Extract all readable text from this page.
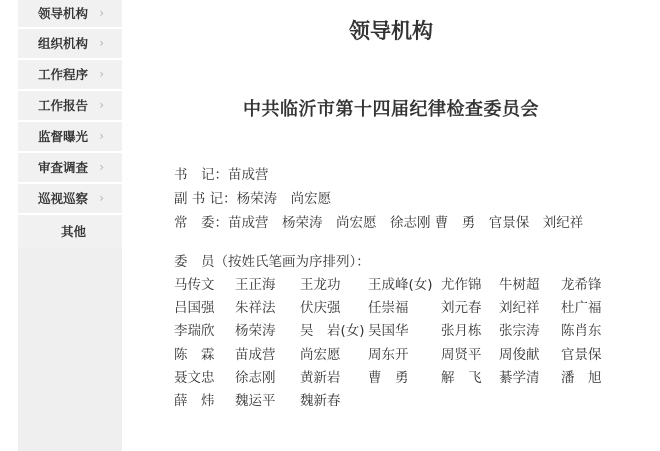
领导机构 ›
组织机构 ›
工作程序 ›
工作报告 ›
监督曝光 ›
审查调查 ›
巡视巡察 ›
其他
领导机构
中共临沂市第十四届纪律检查委员会

书　记：苗成营

副 书 记：杨荣涛　尚宏愿

常　委：苗成营　杨荣涛　尚宏愿　徐志刚 曹　勇　官景保　刘纪祥

委　员（按姓氏笔画为序排列）：

马传文 王正海 王龙功 王成峰(女) 尤作锦 牛树超 龙希锋
吕国强 朱祥法 伏庆强 任崇福 刘元春 刘纪祥 杜广福
李瑞欣 杨荣涛 吴　岩(女) 吴国华 张月栋 张宗涛 陈肖东
陈　霖 苗成营 尚宏愿 周东开 周贤平 周俊献 官景保
聂文忠 徐志刚 黄新岩 曹　勇 解　飞 綦学清 潘　旭
薛　炜 魏运平 魏新春
